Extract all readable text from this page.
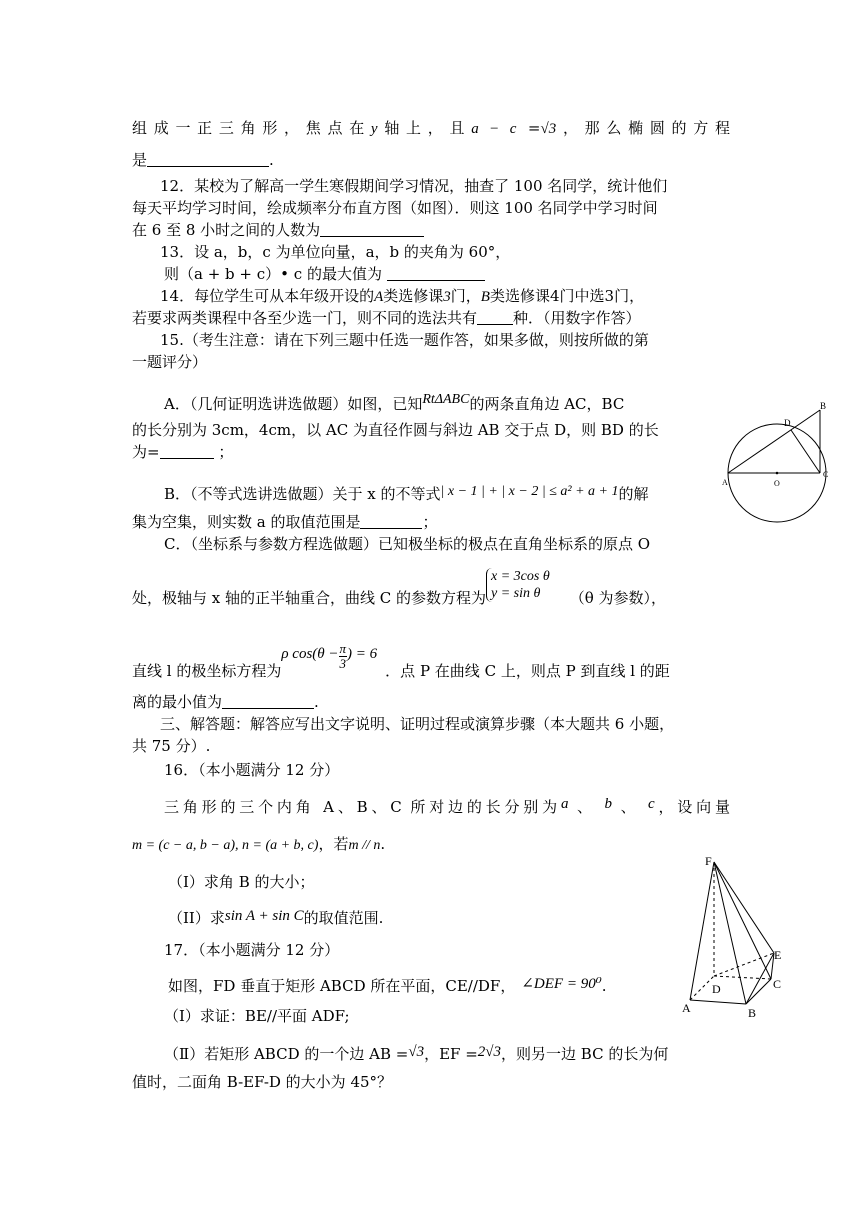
组成一正三角形，焦点在y轴上，且a − c =√3，那么椭圆的方程
是	.
12．某校为了解高一学生寒假期间学习情况，抽查了 100 名同学，统计他们
每天平均学习时间，绘成频率分布直方图（如图）．则这 100 名同学中学习时间
在 6 至 8 小时之间的人数为
13．设 a，b，c 为单位向量，a，b 的夹角为 60°，
则（a + b + c）• c 的最大值为
14．每位学生可从本年级开设的A类选修课3门，B类选修课4门中选3门，
若要求两类课程中各至少选一门，则不同的选法共有 种．（用数字作答）
15.（考生注意：请在下列三题中任选一题作答，如果多做，则按所做的第
一题评分）
A．（几何证明选讲选做题）如图，已知RtΔABC的两条直角边 AC，BC
的长分别为 3cm，4cm，以 AC 为直径作圆与斜边 AB 交于点 D，则 BD 的长
为=	；
B．（不等式选讲选做题）关于 x 的不等式| x − 1 | + | x − 2 | ≤ a² + a + 1的解
集为空集，则实数 a 的取值范围是	；
C．（坐标系与参数方程选做题）已知极坐标的极点在直角坐标系的原点 O
处，极轴与 x 轴的正半轴重合，曲线 C 的参数方程为
x = 3cos θ
y = sin θ	（θ 为参数），
直线 l 的极坐标方程为ρ $\cos(\theta - \frac{\pi}{3}$ ) = 6．点 P 在曲线 C 上，则点 P 到直线 l 的距
离的最小值为	.
三、解答题：解答应写出文字说明、证明过程或演算步骤（本大题共 6 小题，
共 75 分）.
16．（本小题满分 12 分）
三角形的三个内角 A、B、C 所对边的长分别为a 、 b 、 c，设向量
m = (c − a, b − a), n = (a + b, c)，若m // n.
（I）求角 B 的大小；
（II）求sin A + sin C的取值范围.
17．（本小题满分 12 分）
如图，FD 垂直于矩形 ABCD 所在平面，CE//DF， ∠DEF = 90⁰.
（Ⅰ）求证：BE//平面 ADF;
（Ⅱ）若矩形 ABCD 的一个边 AB =√3，EF =2√3，则另一边 BC 的长为何
值时，二面角 B-EF-D 的大小为 45°？
B
D
A	O
C
F
E
D	C
A	B
